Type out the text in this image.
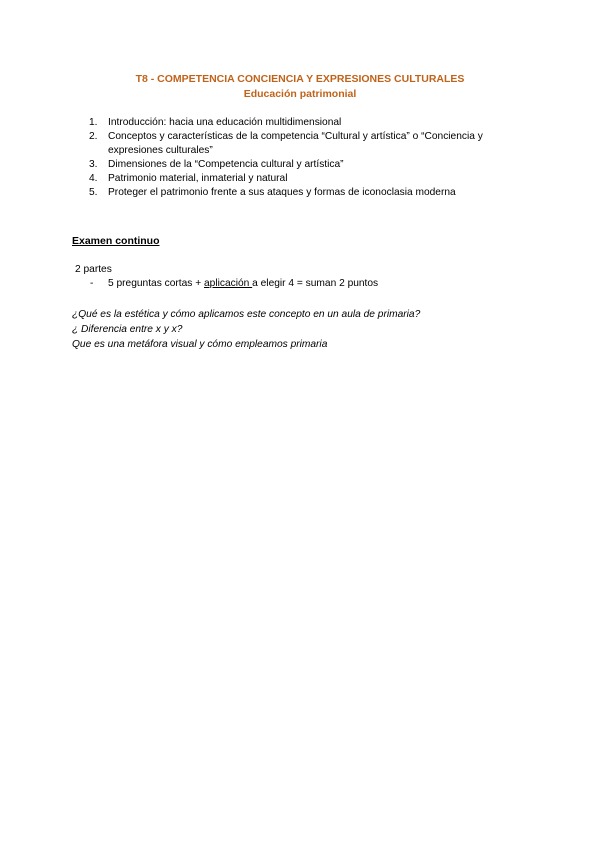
T8 - COMPETENCIA CONCIENCIA Y EXPRESIONES CULTURALES
Educación patrimonial
1. Introducción: hacia una educación multidimensional
2. Conceptos y características de la competencia “Cultural y artística” o “Conciencia y
expresiones culturales”
3. Dimensiones de la “Competencia cultural y artística”
4. Patrimonio material, inmaterial y natural
5. Proteger el patrimonio frente a sus ataques y formas de iconoclasia moderna
Examen continuo
2 partes
- 5 preguntas cortas + aplicación a elegir 4 = suman 2 puntos
¿Qué es la estética y cómo aplicamos este concepto en un aula de primaria?
¿ Diferencia entre x y x?
Que es una metáfora visual y cómo empleamos primaria
